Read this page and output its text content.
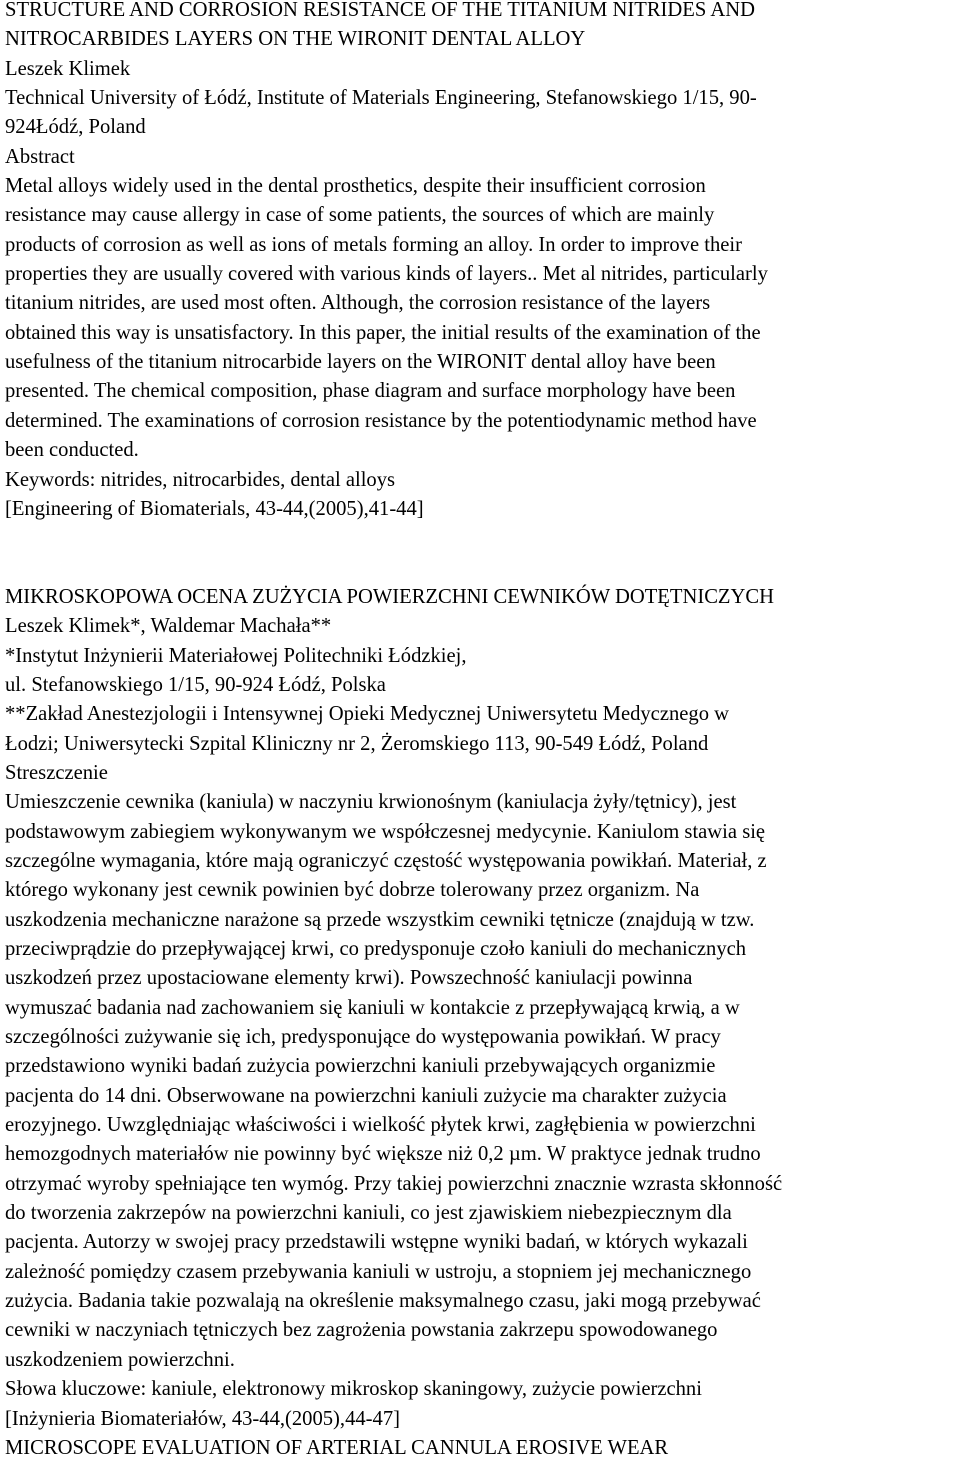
STRUCTURE AND CORROSION RESISTANCE OF THE TITANIUM NITRIDES AND
NITROCARBIDES LAYERS ON THE WIRONIT DENTAL ALLOY
Leszek Klimek
Technical University of Łódź, Institute of Materials Engineering, Stefanowskiego 1/15, 90-
924Łódź, Poland
Abstract
Metal alloys widely used in the dental prosthetics, despite their insufficient corrosion
resistance may cause allergy in case of some patients, the sources of which are mainly
products of corrosion as well as ions of metals forming an alloy. In order to improve their
properties they are usually covered with various kinds of layers.. Met al nitrides, particularly
titanium nitrides, are used most often. Although, the corrosion resistance of the layers
obtained this way is unsatisfactory. In this paper, the initial results of the examination of the
usefulness of the titanium nitrocarbide layers on the WIRONIT dental alloy have been
presented. The chemical composition, phase diagram and surface morphology have been
determined. The examinations of corrosion resistance by the potentiodynamic method have
been conducted.
Keywords: nitrides, nitrocarbides, dental alloys
[Engineering of Biomaterials, 43-44,(2005),41-44]
MIKROSKOPOWA OCENA ZUŻYCIA POWIERZCHNI CEWNIKÓW DOTĘTNICZYCH
Leszek Klimek*, Waldemar Machała**
*Instytut Inżynierii Materiałowej Politechniki Łódzkiej,
ul. Stefanowskiego 1/15, 90-924 Łódź, Polska
**Zakład Anestezjologii i Intensywnej Opieki Medycznej Uniwersytetu Medycznego w
Łodzi; Uniwersytecki Szpital Kliniczny nr 2, Żeromskiego 113, 90-549 Łódź, Poland
Streszczenie
Umieszczenie cewnika (kaniula) w naczyniu krwionośnym (kaniulacja żyły/tętnicy), jest
podstawowym zabiegiem wykonywanym we współczesnej medycynie. Kaniulom stawia się
szczególne wymagania, które mają ograniczyć częstość występowania powikłań. Materiał, z
którego wykonany jest cewnik powinien być dobrze tolerowany przez organizm. Na
uszkodzenia mechaniczne narażone są przede wszystkim cewniki tętnicze (znajdują w tzw.
przeciwprądzie do przepływającej krwi, co predysponuje czoło kaniuli do mechanicznych
uszkodzeń przez upostaciowane elementy krwi). Powszechność kaniulacji powinna
wymuszać badania nad zachowaniem się kaniuli w kontakcie z przepływającą krwią, a w
szczególności zużywanie się ich, predysponujące do występowania powikłań. W pracy
przedstawiono wyniki badań zużycia powierzchni kaniuli przebywających organizmie
pacjenta do 14 dni. Obserwowane na powierzchni kaniuli zużycie ma charakter zużycia
erozyjnego. Uwzględniając właściwości i wielkość płytek krwi, zagłębienia w powierzchni
hemozgodnych materiałów nie powinny być większe niż 0,2 µm. W praktyce jednak trudno
otrzymać wyroby spełniające ten wymóg. Przy takiej powierzchni znacznie wzrasta skłonność
do tworzenia zakrzepów na powierzchni kaniuli, co jest zjawiskiem niebezpiecznym dla
pacjenta. Autorzy w swojej pracy przedstawili wstępne wyniki badań, w których wykazali
zależność pomiędzy czasem przebywania kaniuli w ustroju, a stopniem jej mechanicznego
zużycia. Badania takie pozwalają na określenie maksymalnego czasu, jaki mogą przebywać
cewniki w naczyniach tętniczych bez zagrożenia powstania zakrzepu spowodowanego
uszkodzeniem powierzchni.
Słowa kluczowe: kaniule, elektronowy mikroskop skaningowy, zużycie powierzchni
[Inżynieria Biomateriałów, 43-44,(2005),44-47]
MICROSCOPE EVALUATION OF ARTERIAL CANNULA EROSIVE WEAR
